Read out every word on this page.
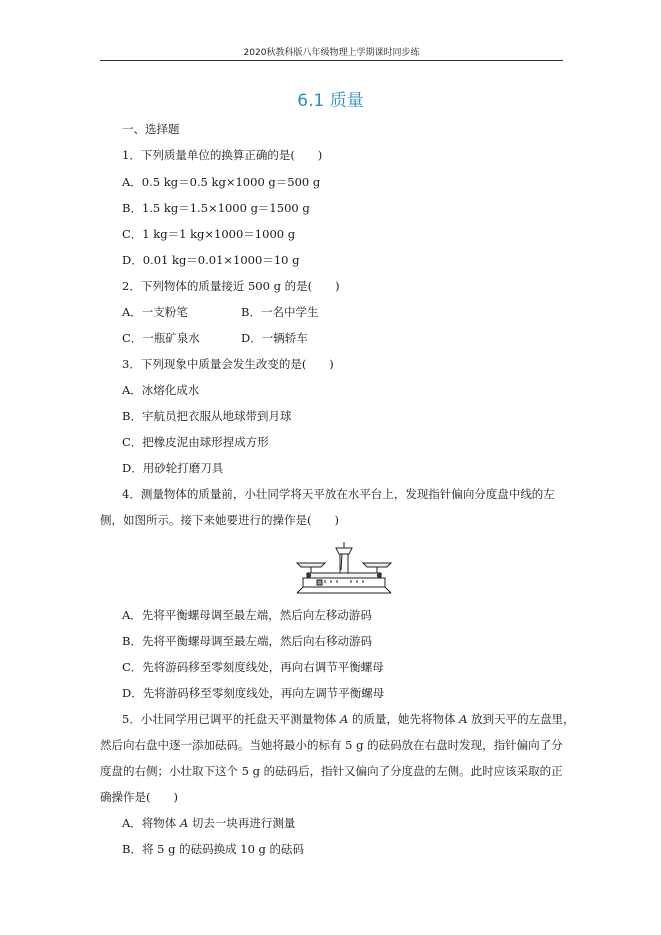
2020秋教科版八年级物理上学期课时同步练
6.1 质量
一、选择题
1．下列质量单位的换算正确的是(　　)
A．0.5 kg＝0.5 kg×1000 g＝500 g
B．1.5 kg＝1.5×1000 g＝1500 g
C．1 kg＝1 kg×1000＝1000 g
D．0.01 kg＝0.01×1000＝10 g
2．下列物体的质量接近 500 g 的是(　　)
A．一支粉笔	B．一名中学生
C．一瓶矿泉水	D．一辆轿车
3．下列现象中质量会发生改变的是(　　)
A．冰熔化成水
B．宇航员把衣服从地球带到月球
C．把橡皮泥由球形捏成方形
D．用砂轮打磨刀具
4．测量物体的质量前，小壮同学将天平放在水平台上，发现指针偏向分度盘中线的左
侧，如图所示。接下来她要进行的操作是(　　)
A．先将平衡螺母调至最左端，然后向左移动游码
B．先将平衡螺母调至最左端，然后向右移动游码
C．先将游码移至零刻度线处，再向右调节平衡螺母
D．先将游码移至零刻度线处，再向左调节平衡螺母
5．小壮同学用已调平的托盘天平测量物体 A 的质量，她先将物体 A 放到天平的左盘里，
然后向右盘中逐一添加砝码。当她将最小的标有 5 g 的砝码放在右盘时发现，指针偏向了分
度盘的右侧；小壮取下这个 5 g 的砝码后，指针又偏向了分度盘的左侧。此时应该采取的正
确操作是(　　)
A．将物体 A 切去一块再进行测量
B．将 5 g 的砝码换成 10 g 的砝码
